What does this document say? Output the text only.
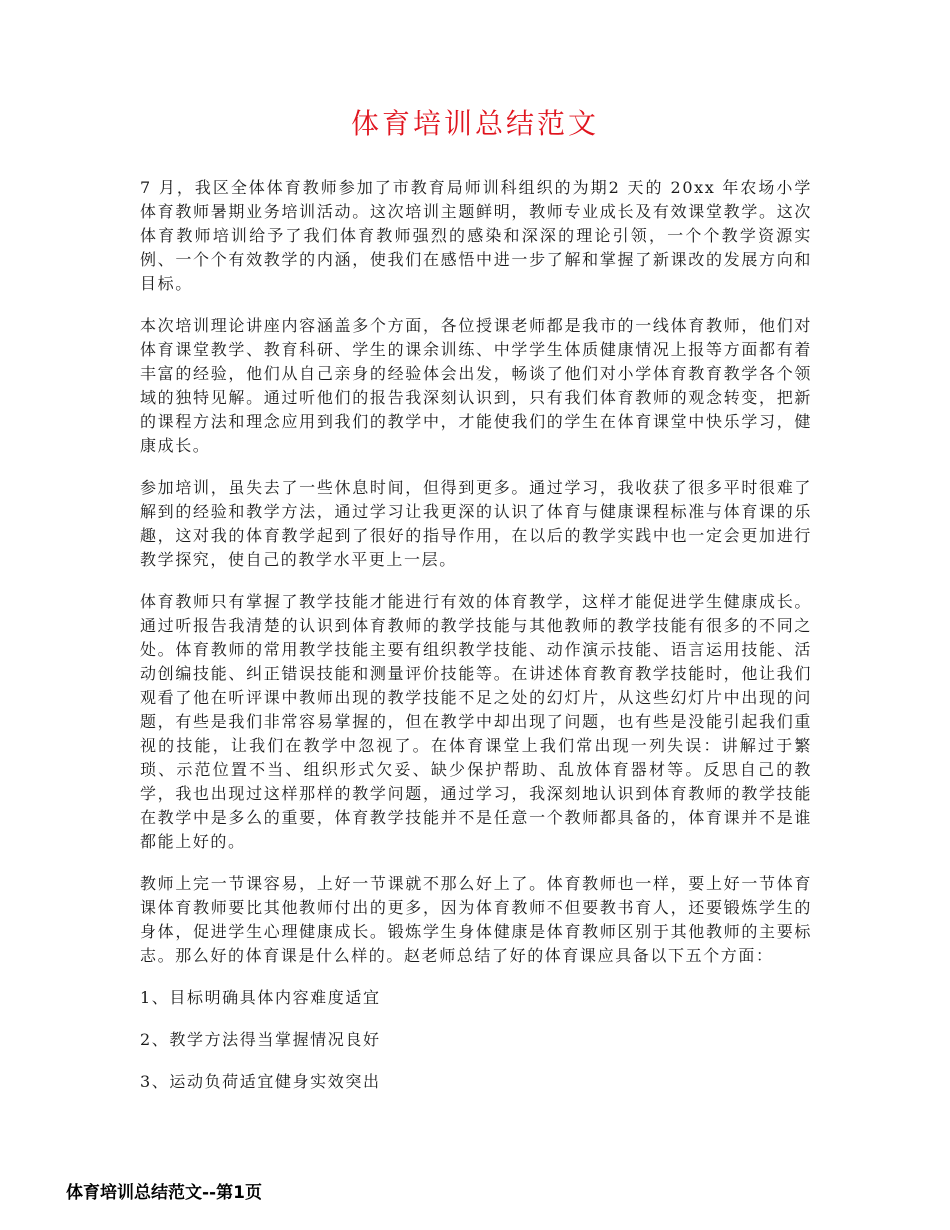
体育培训总结范文

7 月，我区全体体育教师参加了市教育局师训科组织的为期2 天的 20xx 年农场小学体育教师暑期业务培训活动。这次培训主题鲜明，教师专业成长及有效课堂教学。这次体育教师培训给予了我们体育教师强烈的感染和深深的理论引领，一个个教学资源实例、一个个有效教学的内涵，使我们在感悟中进一步了解和掌握了新课改的发展方向和目标。

本次培训理论讲座内容涵盖多个方面，各位授课老师都是我市的一线体育教师，他们对体育课堂教学、教育科研、学生的课余训练、中学学生体质健康情况上报等方面都有着丰富的经验，他们从自己亲身的经验体会出发，畅谈了他们对小学体育教育教学各个领域的独特见解。通过听他们的报告我深刻认识到，只有我们体育教师的观念转变，把新的课程方法和理念应用到我们的教学中，才能使我们的学生在体育课堂中快乐学习，健康成长。

参加培训，虽失去了一些休息时间，但得到更多。通过学习，我收获了很多平时很难了解到的经验和教学方法，通过学习让我更深的认识了体育与健康课程标准与体育课的乐趣，这对我的体育教学起到了很好的指导作用，在以后的教学实践中也一定会更加进行教学探究，使自己的教学水平更上一层。

体育教师只有掌握了教学技能才能进行有效的体育教学，这样才能促进学生健康成长。通过听报告我清楚的认识到体育教师的教学技能与其他教师的教学技能有很多的不同之处。体育教师的常用教学技能主要有组织教学技能、动作演示技能、语言运用技能、活动创编技能、纠正错误技能和测量评价技能等。在讲述体育教育教学技能时，他让我们观看了他在听评课中教师出现的教学技能不足之处的幻灯片，从这些幻灯片中出现的问题，有些是我们非常容易掌握的，但在教学中却出现了问题，也有些是没能引起我们重视的技能，让我们在教学中忽视了。在体育课堂上我们常出现一列失误：讲解过于繁琐、示范位置不当、组织形式欠妥、缺少保护帮助、乱放体育器材等。反思自己的教学，我也出现过这样那样的教学问题，通过学习，我深刻地认识到体育教师的教学技能在教学中是多么的重要，体育教学技能并不是任意一个教师都具备的，体育课并不是谁都能上好的。

教师上完一节课容易，上好一节课就不那么好上了。体育教师也一样，要上好一节体育课体育教师要比其他教师付出的更多，因为体育教师不但要教书育人，还要锻炼学生的身体，促进学生心理健康成长。锻炼学生身体健康是体育教师区别于其他教师的主要标志。那么好的体育课是什么样的。赵老师总结了好的体育课应具备以下五个方面：

1、目标明确具体内容难度适宜

2、教学方法得当掌握情况良好

3、运动负荷适宜健身实效突出

体育培训总结范文--第1页
